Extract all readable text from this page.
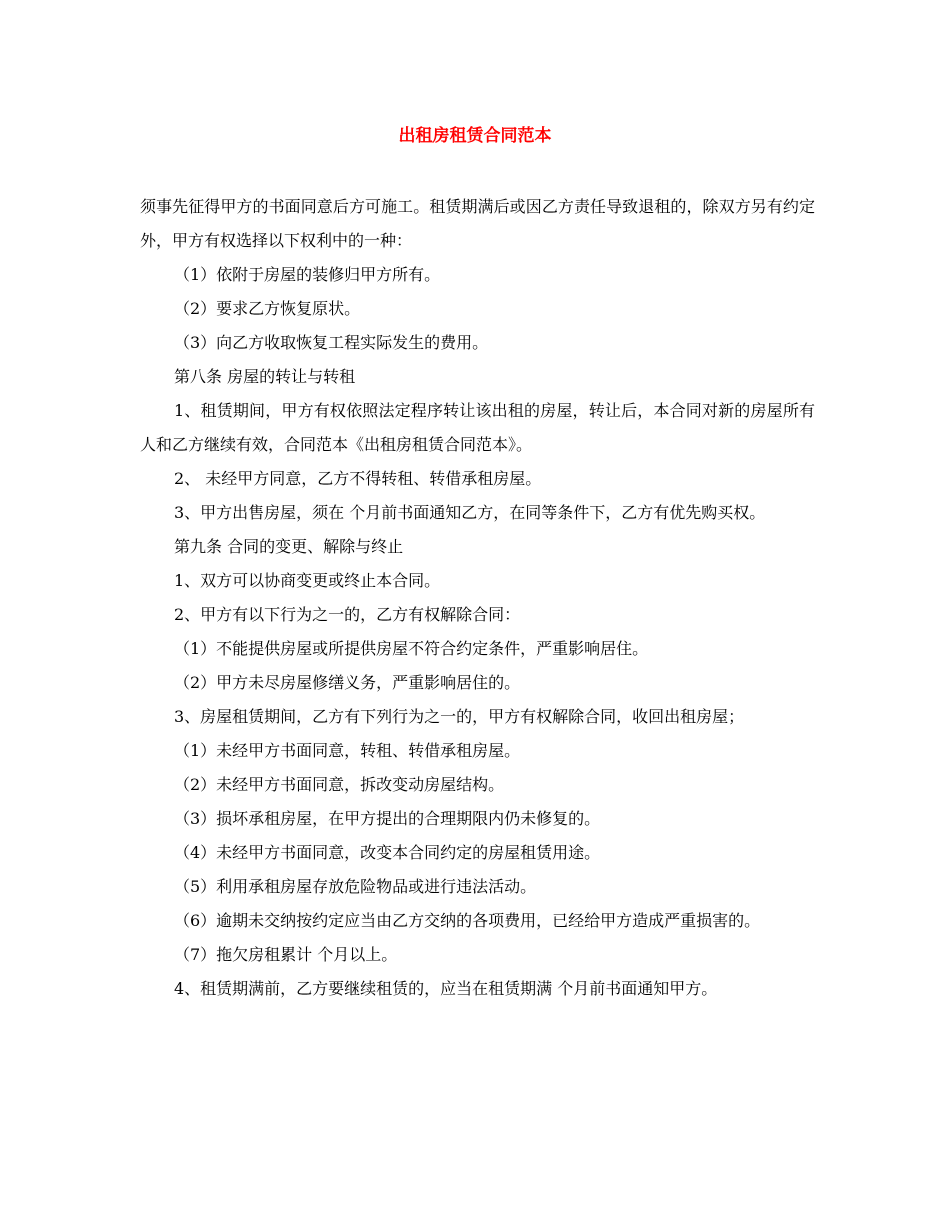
出租房租赁合同范本

须事先征得甲方的书面同意后方可施工。租赁期满后或因乙方责任导致退租的，除双方另有约定外，甲方有权选择以下权利中的一种：

（1）依附于房屋的装修归甲方所有。

（2）要求乙方恢复原状。

（3）向乙方收取恢复工程实际发生的费用。

第八条 房屋的转让与转租

1、租赁期间，甲方有权依照法定程序转让该出租的房屋，转让后，本合同对新的房屋所有人和乙方继续有效，合同范本《出租房租赁合同范本》。

2、 未经甲方同意，乙方不得转租、转借承租房屋。

3、甲方出售房屋，须在 个月前书面通知乙方，在同等条件下，乙方有优先购买权。

第九条 合同的变更、解除与终止

1、双方可以协商变更或终止本合同。

2、甲方有以下行为之一的，乙方有权解除合同：

（1）不能提供房屋或所提供房屋不符合约定条件，严重影响居住。

（2）甲方未尽房屋修缮义务，严重影响居住的。

3、房屋租赁期间，乙方有下列行为之一的，甲方有权解除合同，收回出租房屋；

（1）未经甲方书面同意，转租、转借承租房屋。

（2）未经甲方书面同意，拆改变动房屋结构。

（3）损坏承租房屋，在甲方提出的合理期限内仍未修复的。

（4）未经甲方书面同意，改变本合同约定的房屋租赁用途。

（5）利用承租房屋存放危险物品或进行违法活动。

（6）逾期未交纳按约定应当由乙方交纳的各项费用，已经给甲方造成严重损害的。

（7）拖欠房租累计 个月以上。

4、租赁期满前，乙方要继续租赁的，应当在租赁期满 个月前书面通知甲方。
